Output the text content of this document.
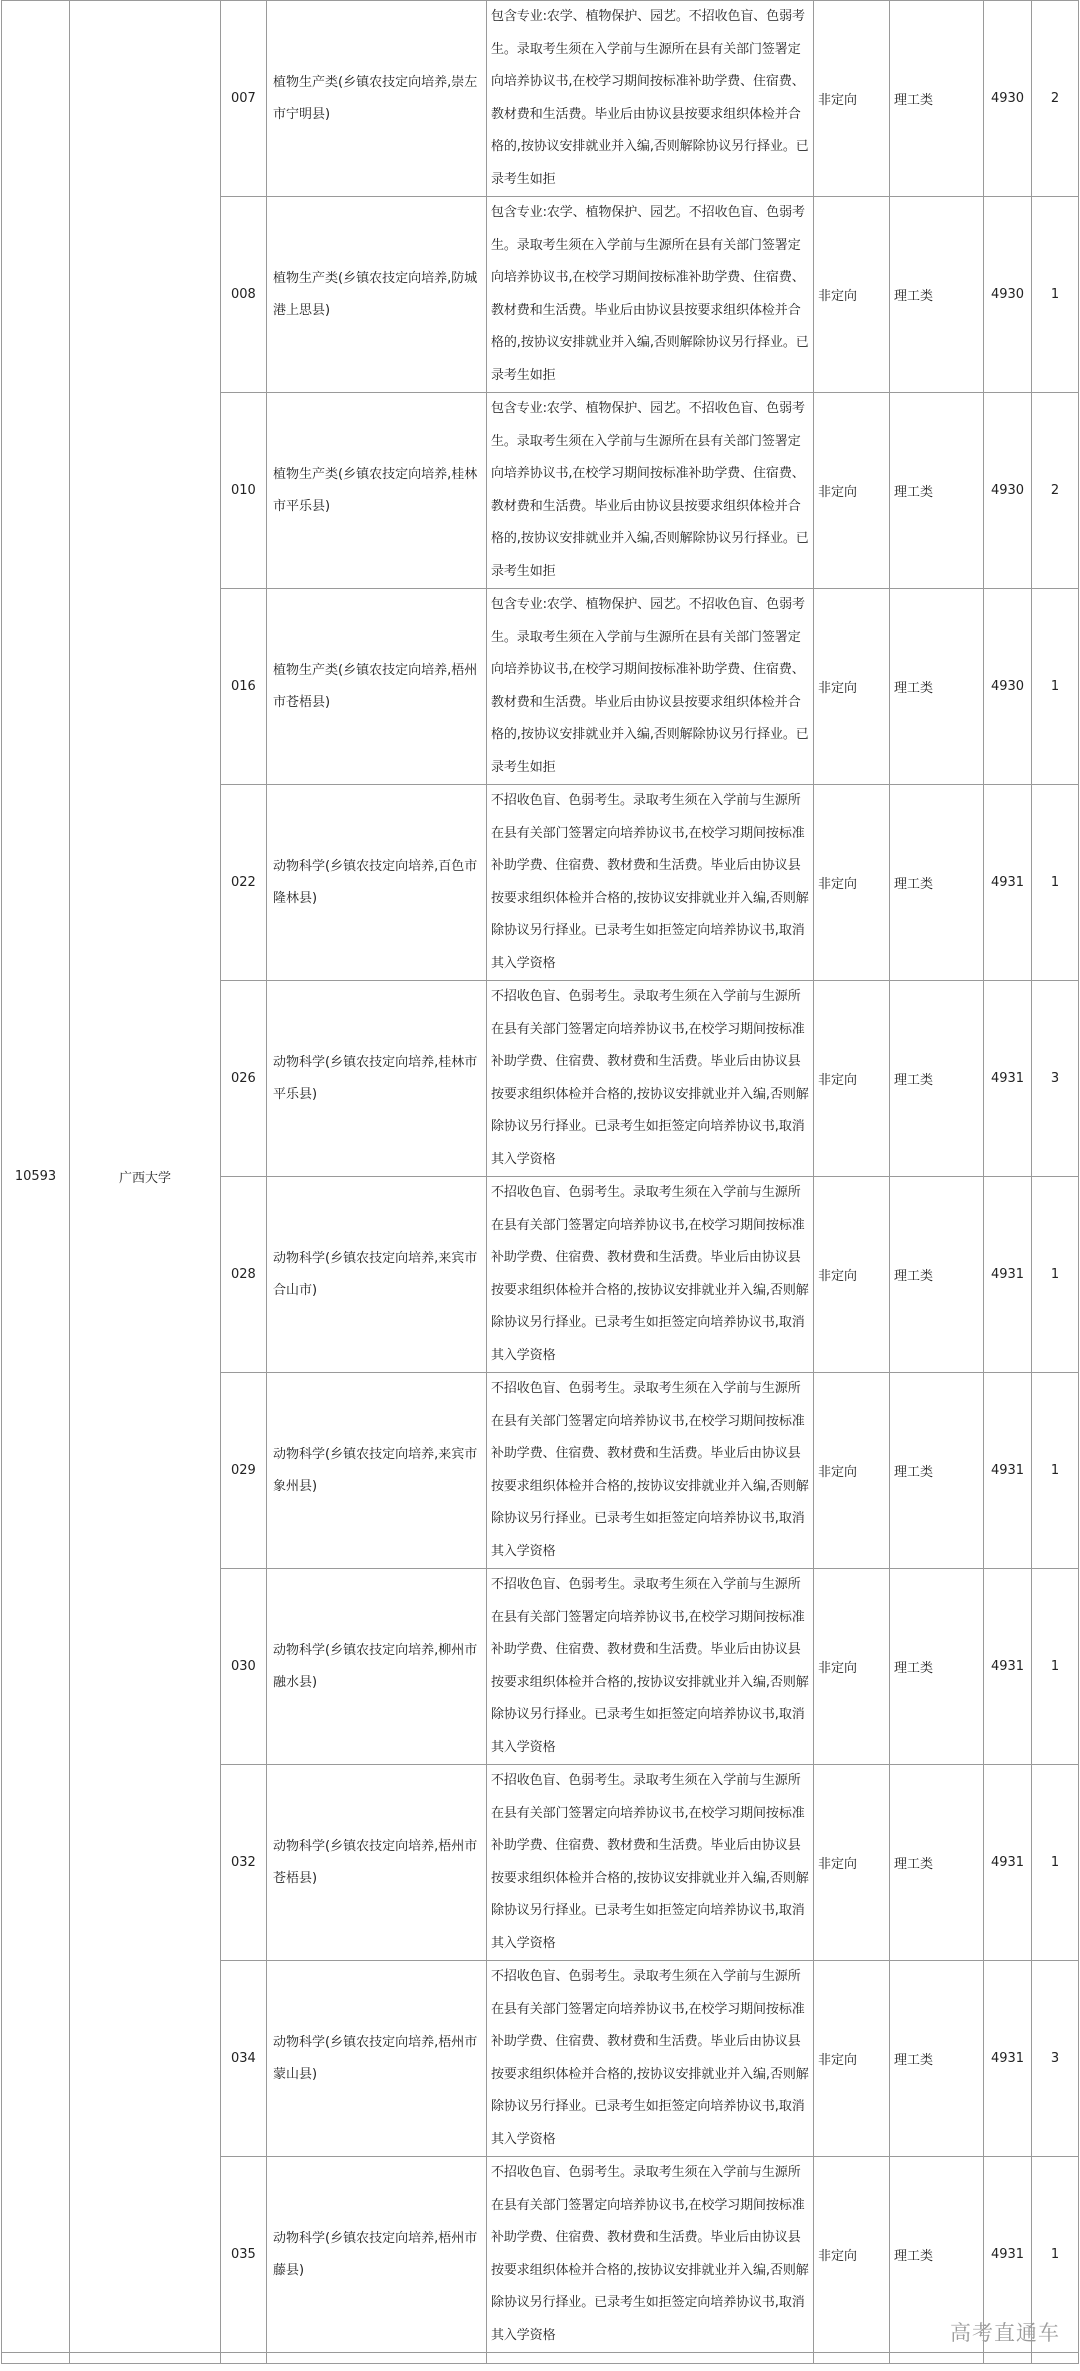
10593	广西大学	007	植物生产类(乡镇农技定向培养,崇左市宁明县)	包含专业:农学、植物保护、园艺。不招收色盲、色弱考生。录取考生须在入学前与生源所在县有关部门签署定向培养协议书,在校学习期间按标准补助学费、住宿费、教材费和生活费。毕业后由协议县按要求组织体检并合格的,按协议安排就业并入编,否则解除协议另行择业。已录考生如拒	非定向	理工类	4930	2
		008	植物生产类(乡镇农技定向培养,防城港上思县)	包含专业:农学、植物保护、园艺。不招收色盲、色弱考生。录取考生须在入学前与生源所在县有关部门签署定向培养协议书,在校学习期间按标准补助学费、住宿费、教材费和生活费。毕业后由协议县按要求组织体检并合格的,按协议安排就业并入编,否则解除协议另行择业。已录考生如拒	非定向	理工类	4930	1
		010	植物生产类(乡镇农技定向培养,桂林市平乐县)	包含专业:农学、植物保护、园艺。不招收色盲、色弱考生。录取考生须在入学前与生源所在县有关部门签署定向培养协议书,在校学习期间按标准补助学费、住宿费、教材费和生活费。毕业后由协议县按要求组织体检并合格的,按协议安排就业并入编,否则解除协议另行择业。已录考生如拒	非定向	理工类	4930	2
		016	植物生产类(乡镇农技定向培养,梧州市苍梧县)	包含专业:农学、植物保护、园艺。不招收色盲、色弱考生。录取考生须在入学前与生源所在县有关部门签署定向培养协议书,在校学习期间按标准补助学费、住宿费、教材费和生活费。毕业后由协议县按要求组织体检并合格的,按协议安排就业并入编,否则解除协议另行择业。已录考生如拒	非定向	理工类	4930	1
		022	动物科学(乡镇农技定向培养,百色市隆林县)	不招收色盲、色弱考生。录取考生须在入学前与生源所在县有关部门签署定向培养协议书,在校学习期间按标准补助学费、住宿费、教材费和生活费。毕业后由协议县按要求组织体检并合格的,按协议安排就业并入编,否则解除协议另行择业。已录考生如拒签定向培养协议书,取消其入学资格	非定向	理工类	4931	1
		026	动物科学(乡镇农技定向培养,桂林市平乐县)	不招收色盲、色弱考生。录取考生须在入学前与生源所在县有关部门签署定向培养协议书,在校学习期间按标准补助学费、住宿费、教材费和生活费。毕业后由协议县按要求组织体检并合格的,按协议安排就业并入编,否则解除协议另行择业。已录考生如拒签定向培养协议书,取消其入学资格	非定向	理工类	4931	3
		028	动物科学(乡镇农技定向培养,来宾市合山市)	不招收色盲、色弱考生。录取考生须在入学前与生源所在县有关部门签署定向培养协议书,在校学习期间按标准补助学费、住宿费、教材费和生活费。毕业后由协议县按要求组织体检并合格的,按协议安排就业并入编,否则解除协议另行择业。已录考生如拒签定向培养协议书,取消其入学资格	非定向	理工类	4931	1
		029	动物科学(乡镇农技定向培养,来宾市象州县)	不招收色盲、色弱考生。录取考生须在入学前与生源所在县有关部门签署定向培养协议书,在校学习期间按标准补助学费、住宿费、教材费和生活费。毕业后由协议县按要求组织体检并合格的,按协议安排就业并入编,否则解除协议另行择业。已录考生如拒签定向培养协议书,取消其入学资格	非定向	理工类	4931	1
		030	动物科学(乡镇农技定向培养,柳州市融水县)	不招收色盲、色弱考生。录取考生须在入学前与生源所在县有关部门签署定向培养协议书,在校学习期间按标准补助学费、住宿费、教材费和生活费。毕业后由协议县按要求组织体检并合格的,按协议安排就业并入编,否则解除协议另行择业。已录考生如拒签定向培养协议书,取消其入学资格	非定向	理工类	4931	1
		032	动物科学(乡镇农技定向培养,梧州市苍梧县)	不招收色盲、色弱考生。录取考生须在入学前与生源所在县有关部门签署定向培养协议书,在校学习期间按标准补助学费、住宿费、教材费和生活费。毕业后由协议县按要求组织体检并合格的,按协议安排就业并入编,否则解除协议另行择业。已录考生如拒签定向培养协议书,取消其入学资格	非定向	理工类	4931	1
		034	动物科学(乡镇农技定向培养,梧州市蒙山县)	不招收色盲、色弱考生。录取考生须在入学前与生源所在县有关部门签署定向培养协议书,在校学习期间按标准补助学费、住宿费、教材费和生活费。毕业后由协议县按要求组织体检并合格的,按协议安排就业并入编,否则解除协议另行择业。已录考生如拒签定向培养协议书,取消其入学资格	非定向	理工类	4931	3
		035	动物科学(乡镇农技定向培养,梧州市藤县)	不招收色盲、色弱考生。录取考生须在入学前与生源所在县有关部门签署定向培养协议书,在校学习期间按标准补助学费、住宿费、教材费和生活费。毕业后由协议县按要求组织体检并合格的,按协议安排就业并入编,否则解除协议另行择业。已录考生如拒签定向培养协议书,取消其入学资格	非定向	理工类	4931	1

高考直通车
